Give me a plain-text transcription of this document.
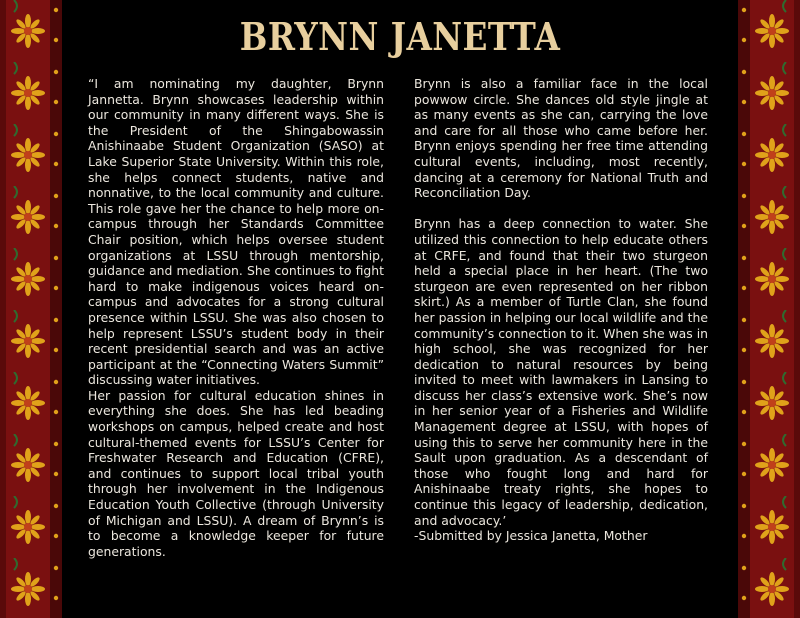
BRYNN JANETTA

“I am nominating my daughter, Brynn Jannetta. Brynn showcases leadership within our community in many different ways. She is the President of the Shingabowassin Anishinaabe Student Organization (SASO) at Lake Superior State University. Within this role, she helps connect students, native and nonnative, to the local community and culture. This role gave her the chance to help more on-campus through her Standards Committee Chair position, which helps oversee student organizations at LSSU through mentorship, guidance and mediation. She continues to fight hard to make indigenous voices heard on-campus and advocates for a strong cultural presence within LSSU. She was also chosen to help represent LSSU’s student body in their recent presidential search and was an active participant at the “Connecting Waters Summit” discussing water initiatives.

Her passion for cultural education shines in everything she does. She has led beading workshops on campus, helped create and host cultural-themed events for LSSU’s Center for Freshwater Research and Education (CFRE), and continues to support local tribal youth through her involvement in the Indigenous Education Youth Collective (through University of Michigan and LSSU). A dream of Brynn’s is to become a knowledge keeper for future generations.

Brynn is also a familiar face in the local powwow circle. She dances old style jingle at as many events as she can, carrying the love and care for all those who came before her. Brynn enjoys spending her free time attending cultural events, including, most recently, dancing at a ceremony for National Truth and Reconciliation Day.

Brynn has a deep connection to water. She utilized this connection to help educate others at CRFE, and found that their two sturgeon held a special place in her heart. (The two sturgeon are even represented on her ribbon skirt.) As a member of Turtle Clan, she found her passion in helping our local wildlife and the community’s connection to it. When she was in high school, she was recognized for her dedication to natural resources by being invited to meet with lawmakers in Lansing to discuss her class’s extensive work. She’s now in her senior year of a Fisheries and Wildlife Management degree at LSSU, with hopes of using this to serve her community here in the Sault upon graduation. As a descendant of those who fought long and hard for Anishinaabe treaty rights, she hopes to continue this legacy of leadership, dedication, and advocacy.’

-Submitted by Jessica Janetta, Mother
